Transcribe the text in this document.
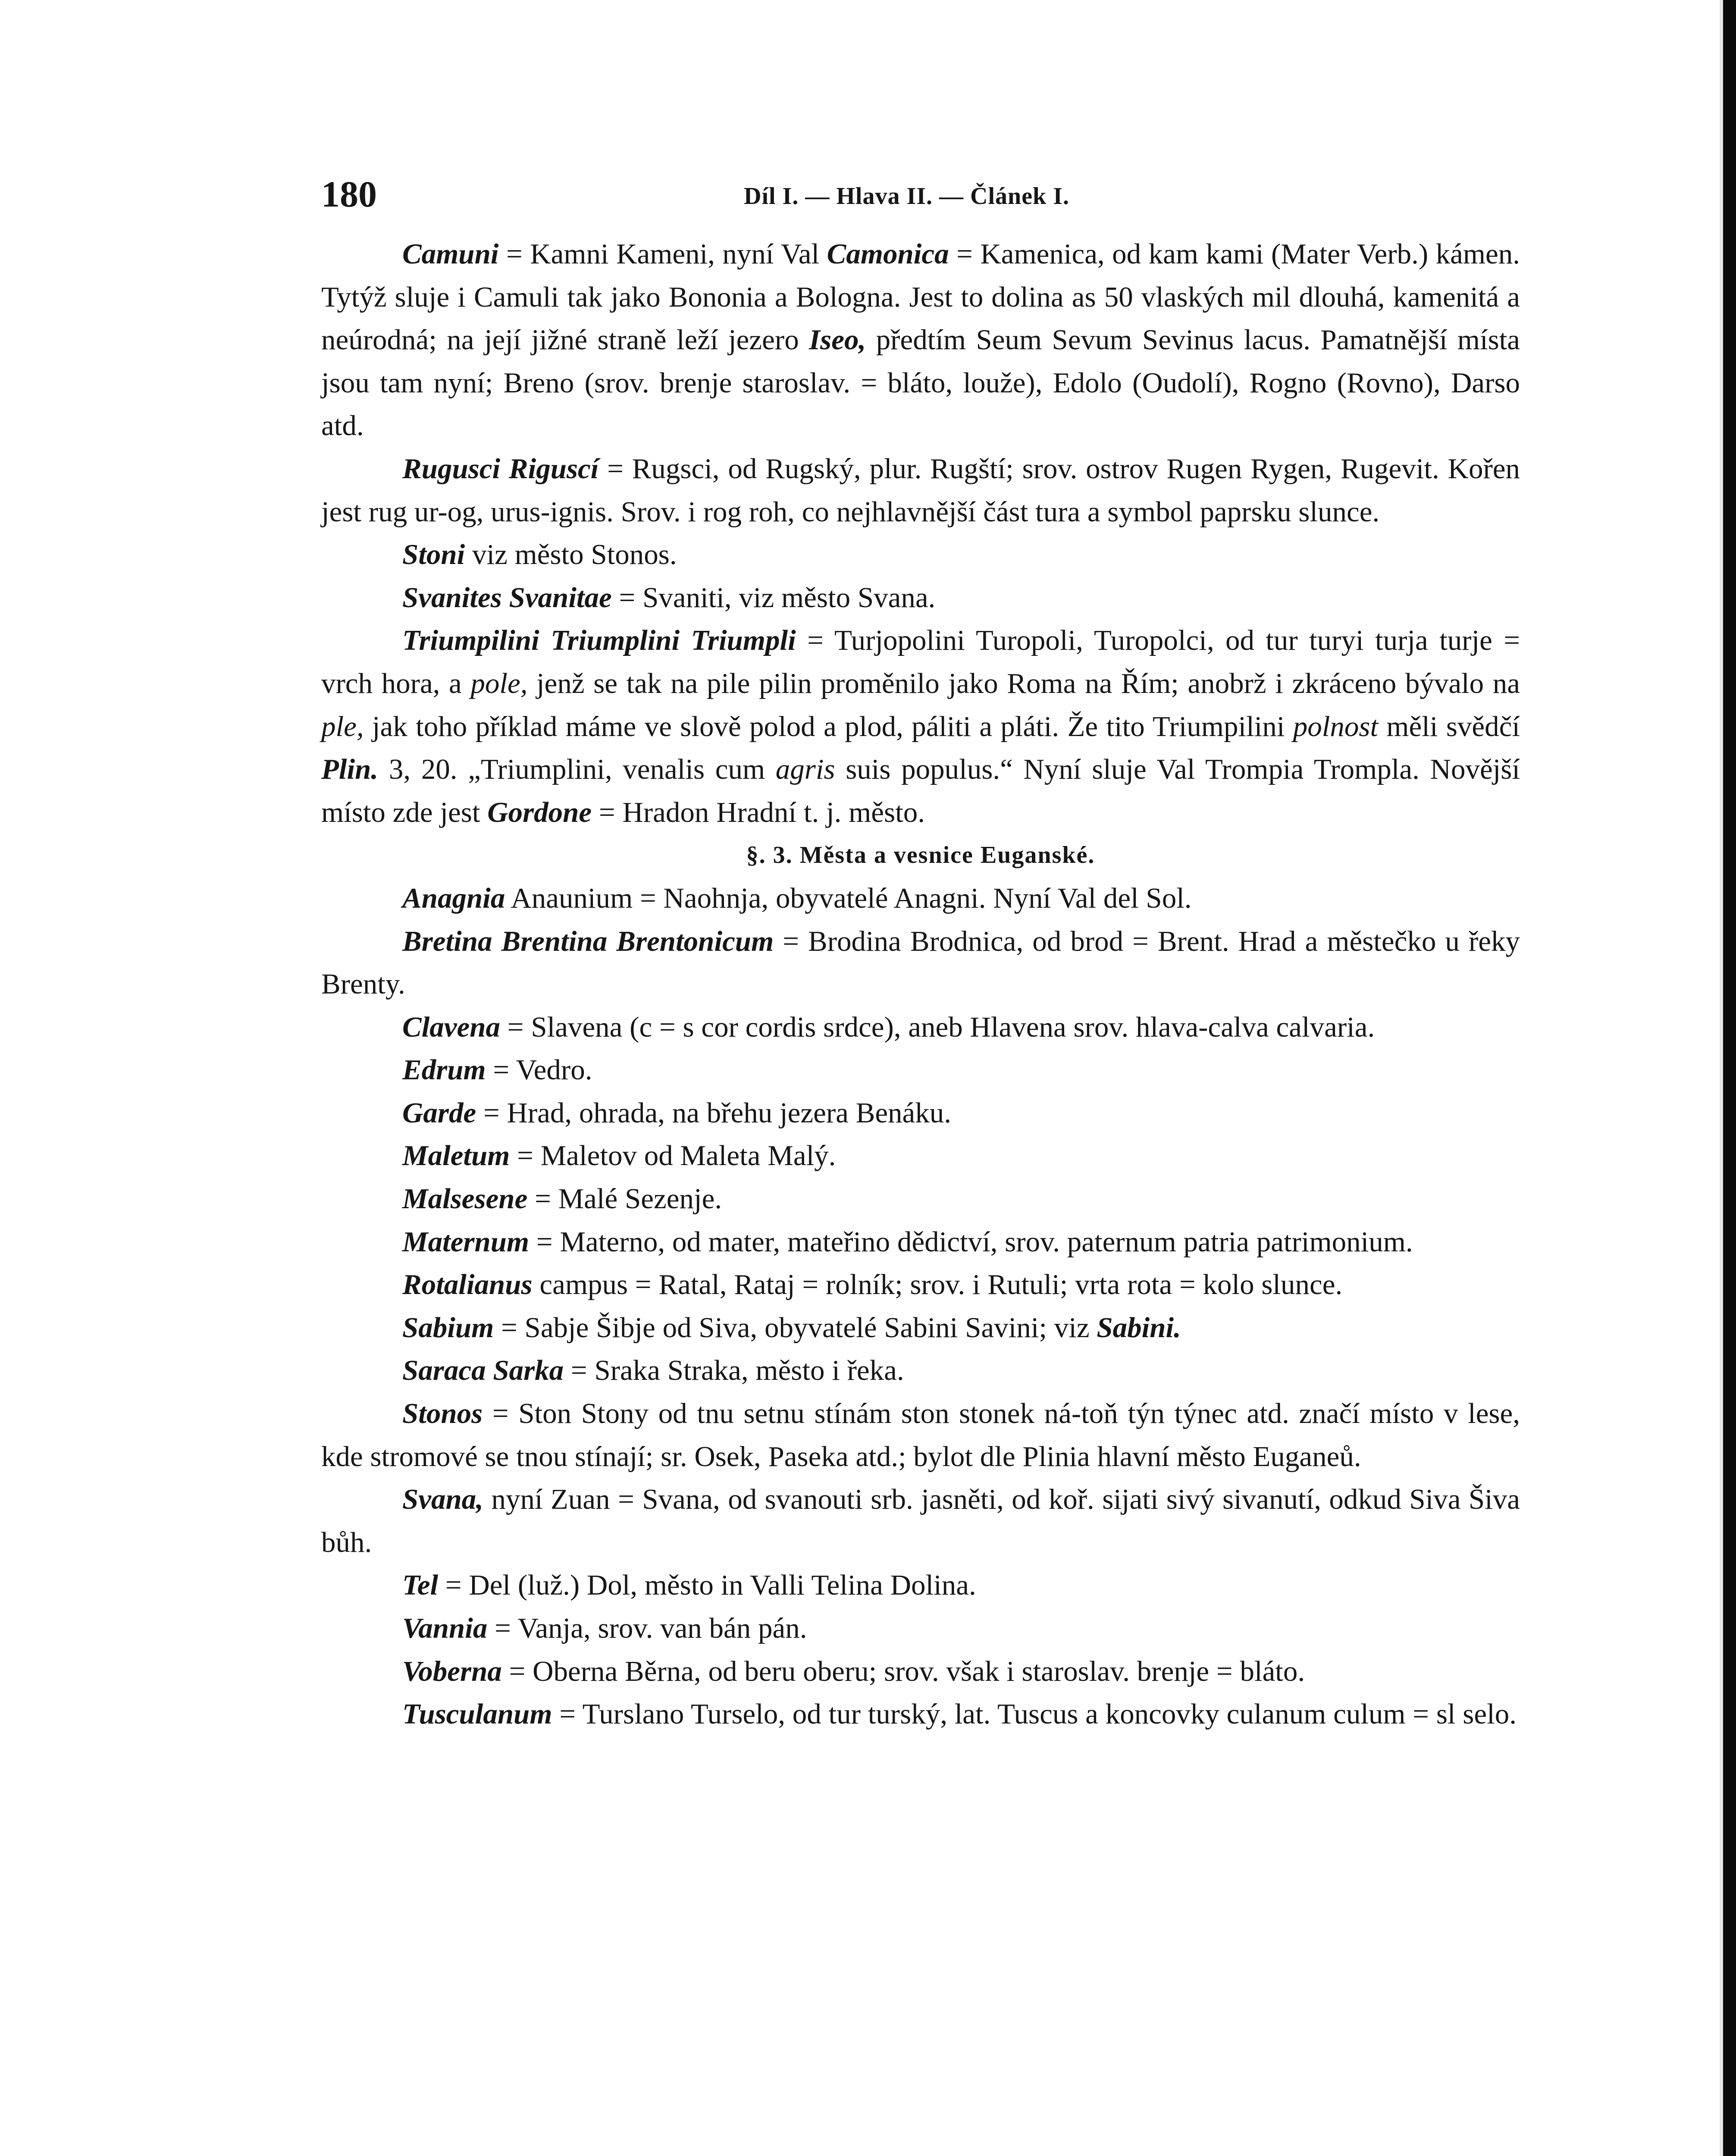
180	Díl I. — Hlava II. — Článek I.

Camuni = Kamni Kameni, nyní Val Camonica = Kamenica, od kam kami (Mater Verb.) kámen. Tytýž sluje i Camuli tak jako Bononia a Bologna. Jest to dolina as 50 vlaských mil dlouhá, kamenitá a neúrodná; na její jižné straně leží jezero Iseo, předtím Seum Sevum Sevinus lacus. Pamatnější místa jsou tam nyní; Breno (srov. brenje staroslav. = bláto, louže), Edolo (Oudolí), Rogno (Rovno), Darso atd.

Rugusci Riguscí = Rugsci, od Rugský, plur. Rugští; srov. ostrov Rugen Rygen, Rugevit. Kořen jest rug ur-og, urus-ignis. Srov. i rog roh, co nejhlavnější část tura a symbol paprsku slunce.

Stoni viz město Stonos.

Svanites Svanitae = Svaniti, viz město Svana.

Triumpilini Triumplini Triumpli = Turjopolini Turopoli, Turopolci, od tur turyi turja turje = vrch hora, a pole, jenž se tak na pile pilin proměnilo jako Roma na Řím; anobrž i zkráceno bývalo na ple, jak toho příklad máme ve slově polod a plod, páliti a pláti. Že tito Triumpilini polnost měli svědčí Plin. 3, 20. „Triumplini, venalis cum agris suis populus.“ Nyní sluje Val Trompia Trompla. Novější místo zde jest Gordone = Hradon Hradní t. j. město.

§. 3. Města a vesnice Euganské.

Anagnia Anaunium = Naohnja, obyvatelé Anagni. Nyní Val del Sol.

Bretina Brentina Brentonicum = Brodina Brodnica, od brod = Brent. Hrad a městečko u řeky Brenty.

Clavena = Slavena (c = s cor cordis srdce), aneb Hlavena srov. hlava-calva calvaria.

Edrum = Vedro.

Garde = Hrad, ohrada, na břehu jezera Benáku.

Maletum = Maletov od Maleta Malý.

Malsesene = Malé Sezenje.

Maternum = Materno, od mater, mateřino dědictví, srov. paternum patria patrimonium.

Rotalianus campus = Ratal, Rataj = rolník; srov. i Rutuli; vrta rota = kolo slunce.

Sabium = Sabje Šibje od Siva, obyvatelé Sabini Savini; viz Sabini.

Saraca Sarka = Sraka Straka, město i řeka.

Stonos = Ston Stony od tnu setnu stínám ston stonek ná-toň týn týnec atd. značí místo v lese, kde stromové se tnou stínají; sr. Osek, Paseka atd.; bylot dle Plinia hlavní město Euganeů.

Svana, nyní Zuan = Svana, od svanouti srb. jasněti, od koř. sijati sivý sivanutí, odkud Siva Šiva bůh.

Tel = Del (luž.) Dol, město in Valli Telina Dolina.

Vannia = Vanja, srov. van bán pán.

Voberna = Oberna Běrna, od beru oberu; srov. však i staroslav. brenje = bláto.

Tusculanum = Turslano Turselo, od tur turský, lat. Tuscus a koncovky culanum culum = sl selo.
